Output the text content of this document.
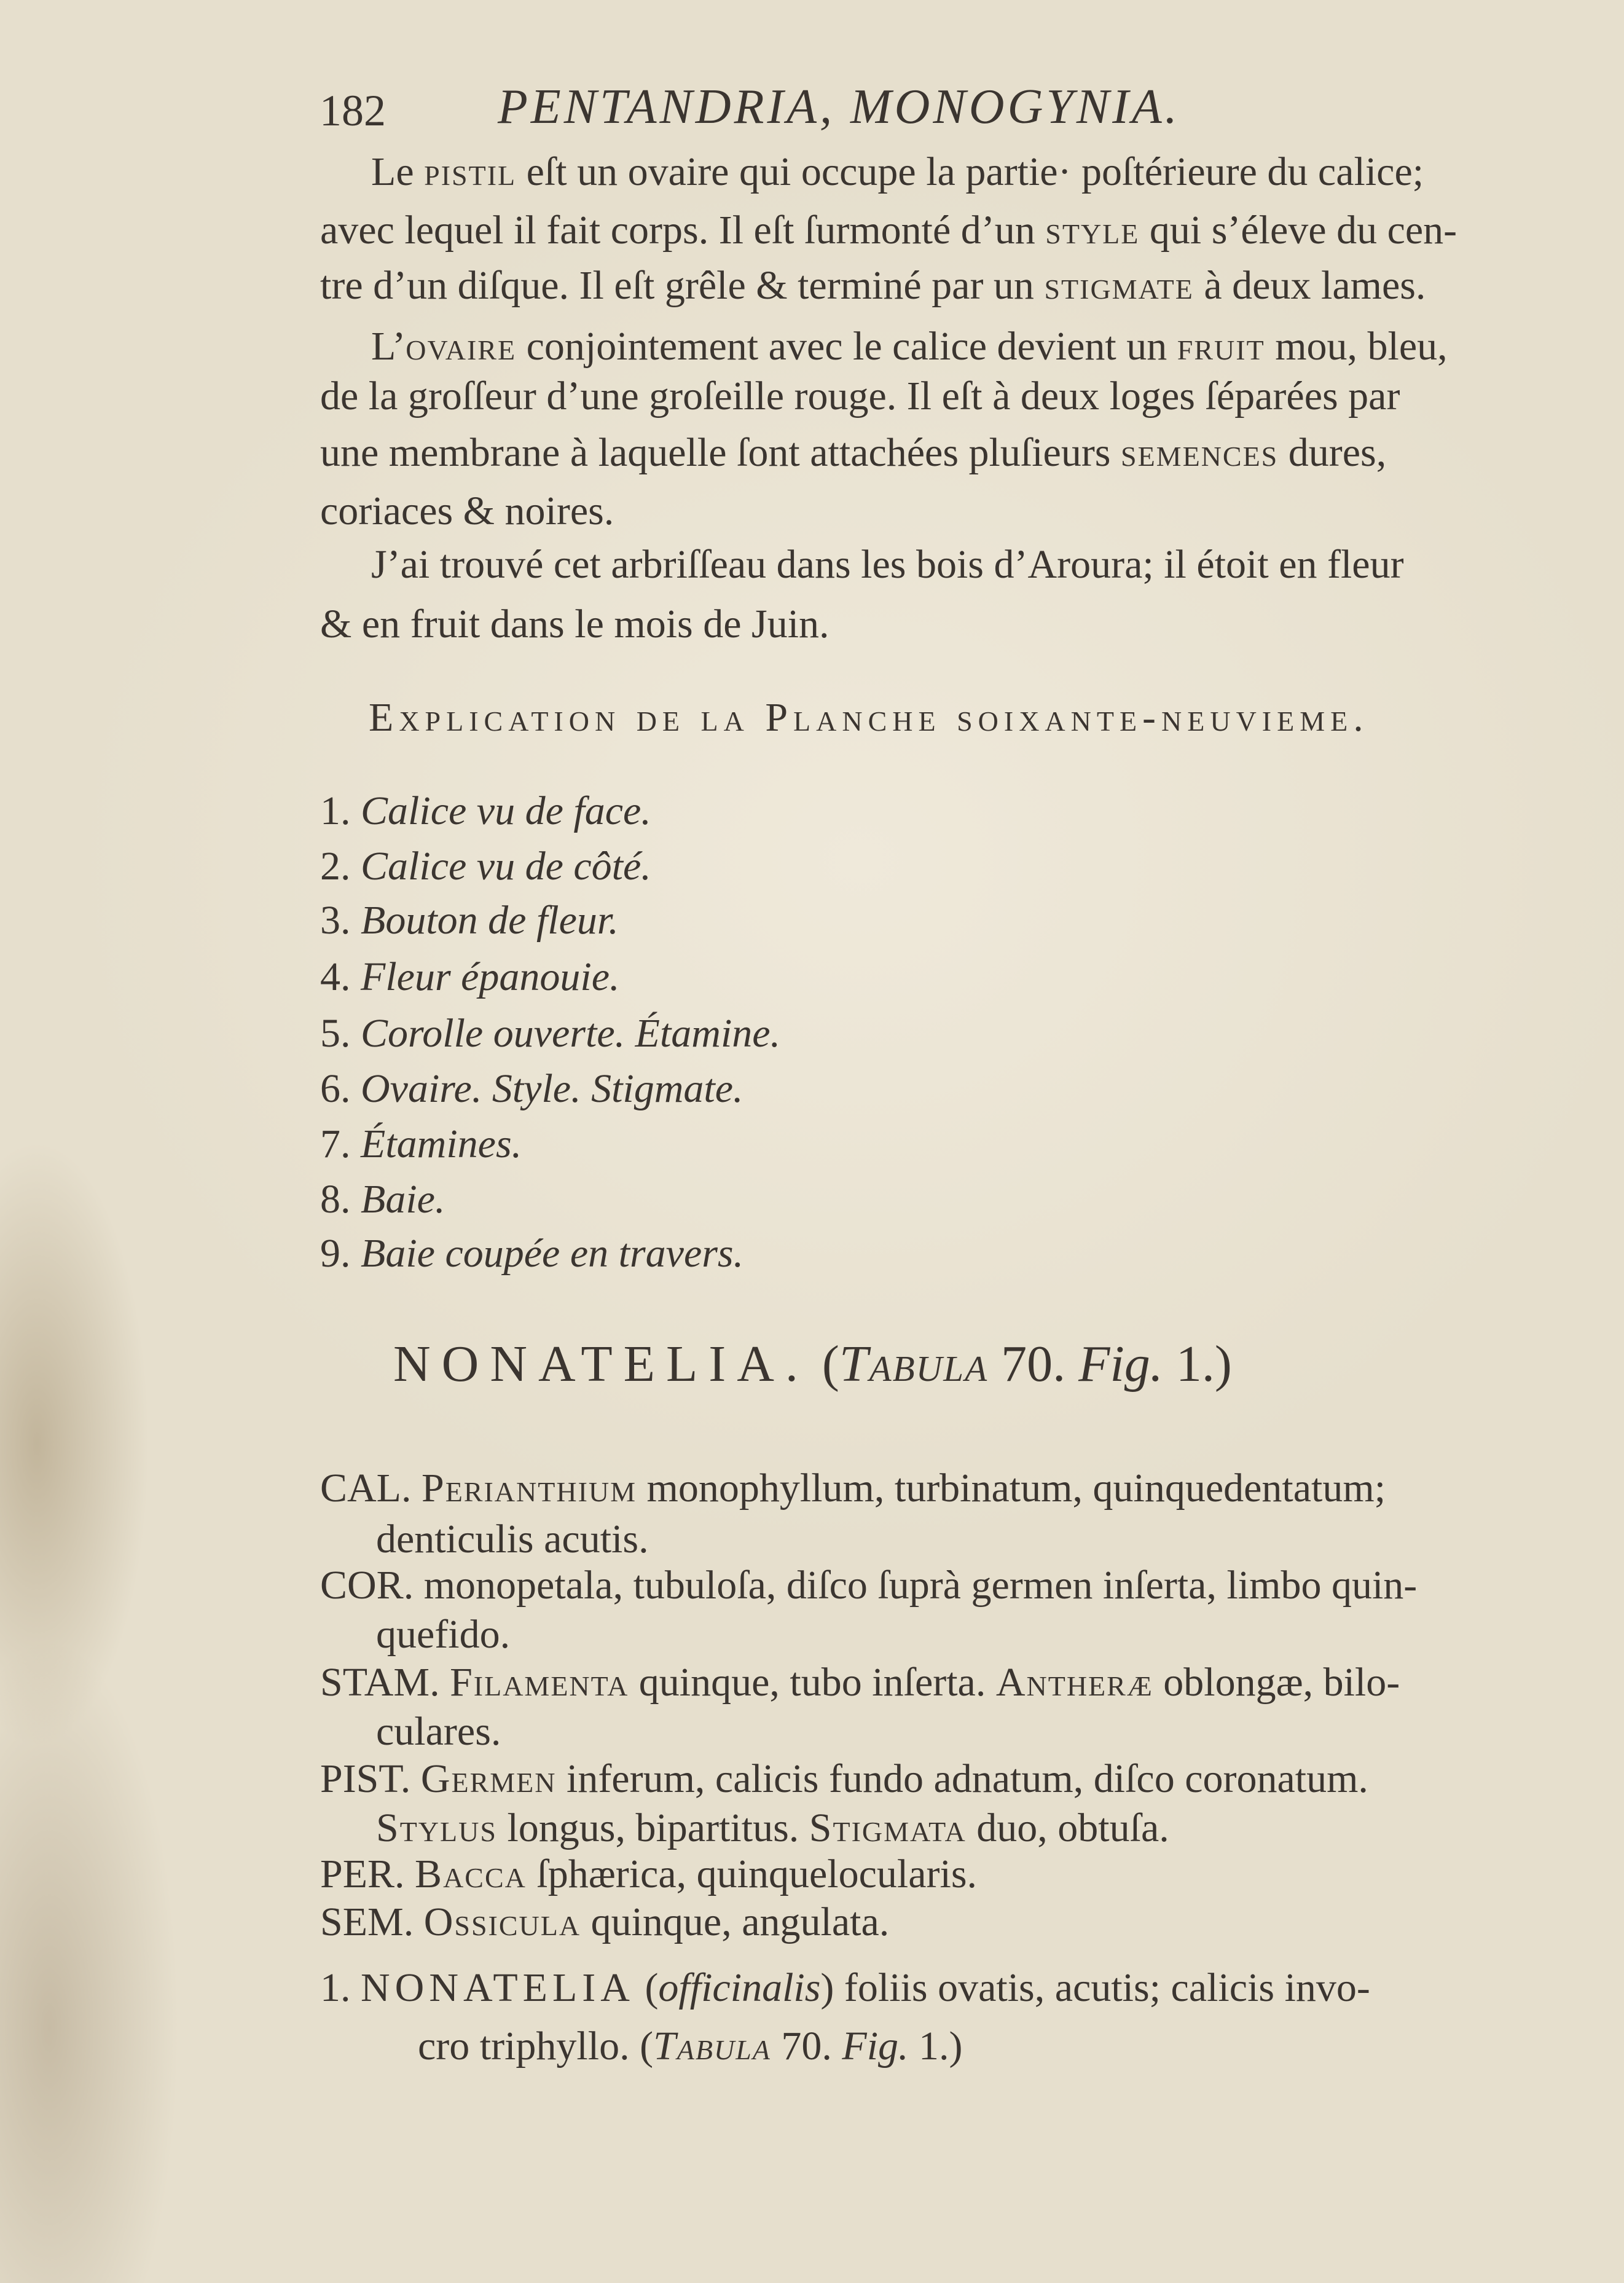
182 PENTANDRIA, MONOGYNIA.
Le pistil eſt un ovaire qui occupe la partie· poſtérieure du calice;
avec lequel il fait corps. Il eſt ſurmonté d’un style qui s’éleve du cen-
tre d’un diſque. Il eſt grêle & terminé par un stigmate à deux lames.
L’ovaire conjointement avec le calice devient un fruit mou, bleu,
de la groſſeur d’une groſeille rouge. Il eſt à deux loges ſéparées par
une membrane à laquelle ſont attachées pluſieurs semences dures,
coriaces & noires.
J’ai trouvé cet arbriſſeau dans les bois d’Aroura; il étoit en fleur
& en fruit dans le mois de Juin.
Explication de la Planche soixante-neuvieme.
1. Calice vu de face.
2. Calice vu de côté.
3. Bouton de fleur.
4. Fleur épanouie.
5. Corolle ouverte. Étamine.
6. Ovaire. Style. Stigmate.
7. Étamines.
8. Baie.
9. Baie coupée en travers.
NONATELIA. (Tabula 70. Fig. 1.)
CAL. Perianthium monophyllum, turbinatum, quinquedentatum;
denticulis acutis.
COR. monopetala, tubuloſa, diſco ſuprà germen inſerta, limbo quin-
quefido.
STAM. Filamenta quinque, tubo inſerta. Antheræ oblongæ, bilo-
culares.
PIST. Germen inferum, calicis fundo adnatum, diſco coronatum.
Stylus longus, bipartitus. Stigmata duo, obtuſa.
PER. Bacca ſphærica, quinquelocularis.
SEM. Ossicula quinque, angulata.
1. NONATELIA (officinalis) foliis ovatis, acutis; calicis invo-
cro triphyllo. (Tabula 70. Fig. 1.)
